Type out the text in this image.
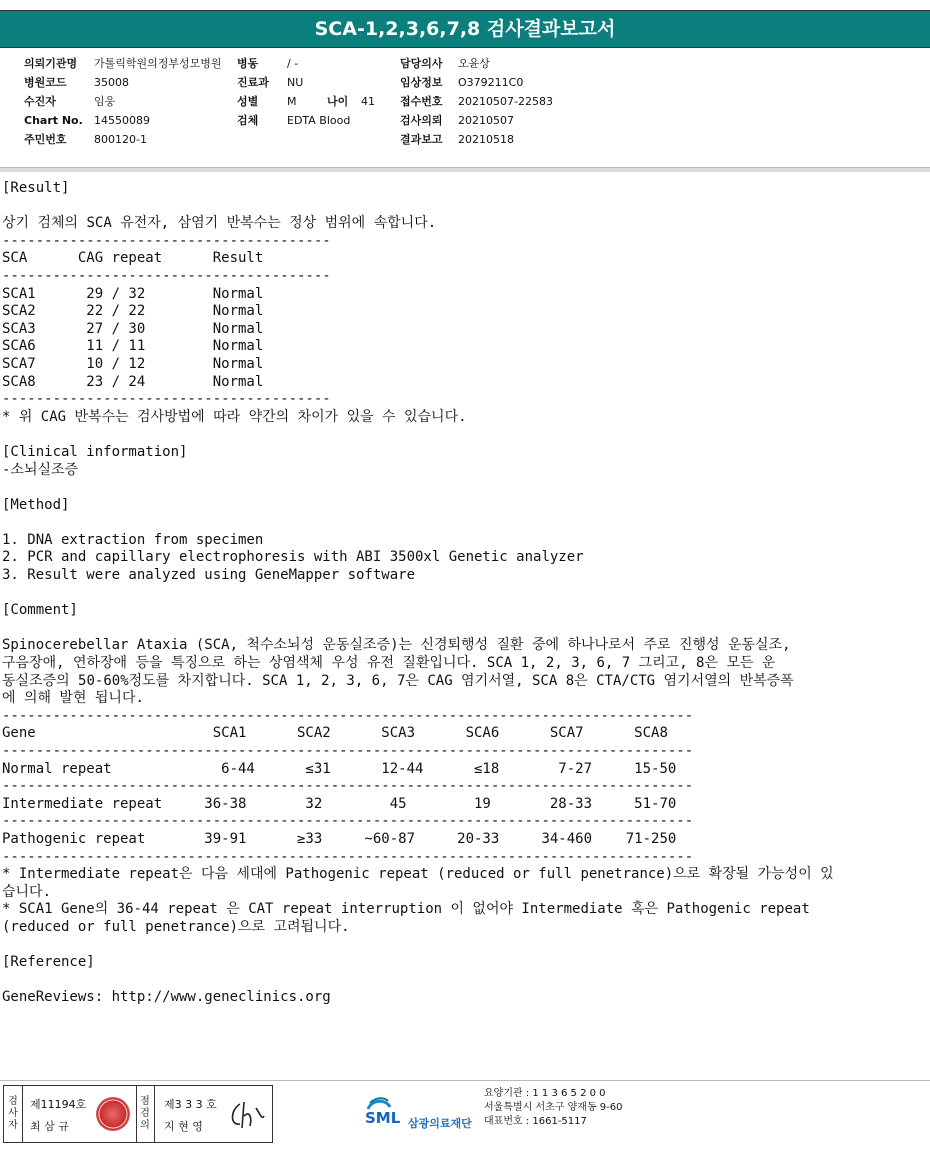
SCA-1,2,3,6,7,8 검사결과보고서
의뢰기관명 가톨릭학원의정부성모병원
병원코드 35008
수진자	임웅
Chart No. 14550089
주민번호 800120-1
병동	/ -
진료과 NU
성별	M	나이 41
검체	EDTA Blood
담당의사 오윤상
임상정보 O379211C0
접수번호 20210507-22583
검사의뢰 20210507
결과보고 20210518
[Result]

상기 검체의 SCA 유전자, 삼염기 반복수는 정상 범위에 속합니다.
---------------------------------------
SCA      CAG repeat      Result
---------------------------------------
SCA1      29 / 32        Normal
SCA2      22 / 22        Normal
SCA3      27 / 30        Normal
SCA6      11 / 11        Normal
SCA7      10 / 12        Normal
SCA8      23 / 24        Normal
---------------------------------------
* 위 CAG 반복수는 검사방법에 따라 약간의 차이가 있을 수 있습니다.

[Clinical information]
-소뇌실조증

[Method]

1. DNA extraction from specimen
2. PCR and capillary electrophoresis with ABI 3500xl Genetic analyzer
3. Result were analyzed using GeneMapper software

[Comment]

Spinocerebellar Ataxia (SCA, 척수소뇌성 운동실조증)는 신경퇴행성 질환 중에 하나나로서 주로 진행성 운동실조,
구음장애, 연하장애 등을 특징으로 하는 상염색체 우성 유전 질환입니다. SCA 1, 2, 3, 6, 7 그리고, 8은 모든 운
동실조증의 50-60%정도를 차지합니다. SCA 1, 2, 3, 6, 7은 CAG 염기서열, SCA 8은 CTA/CTG 염기서열의 반복증폭
에 의해 발현 됩니다.
----------------------------------------------------------------------------------
Gene                     SCA1      SCA2      SCA3      SCA6      SCA7      SCA8
----------------------------------------------------------------------------------
Normal repeat             6-44      ≤31      12-44      ≤18       7-27     15-50
----------------------------------------------------------------------------------
Intermediate repeat     36-38       32        45        19       28-33     51-70
----------------------------------------------------------------------------------
Pathogenic repeat       39-91      ≥33     ~60-87     20-33     34-460    71-250
----------------------------------------------------------------------------------
* Intermediate repeat은 다음 세대에 Pathogenic repeat (reduced or full penetrance)으로 확장될 가능성이 있
습니다.
* SCA1 Gene의 36-44 repeat 은 CAT repeat interruption 이 없어야 Intermediate 혹은 Pathogenic repeat
(reduced or full penetrance)으로 고려됩니다.

[Reference]

GeneReviews: http://www.geneclinics.org
검사자
제11194호
최 삼 규
점검의
제3 3 3 호
지 현 영	SML 삼광의료재단
요양기관 : 1 1 3 6 5 2 0 0
서울특별시 서초구 양재동 9-60
대표번호 : 1661-5117
